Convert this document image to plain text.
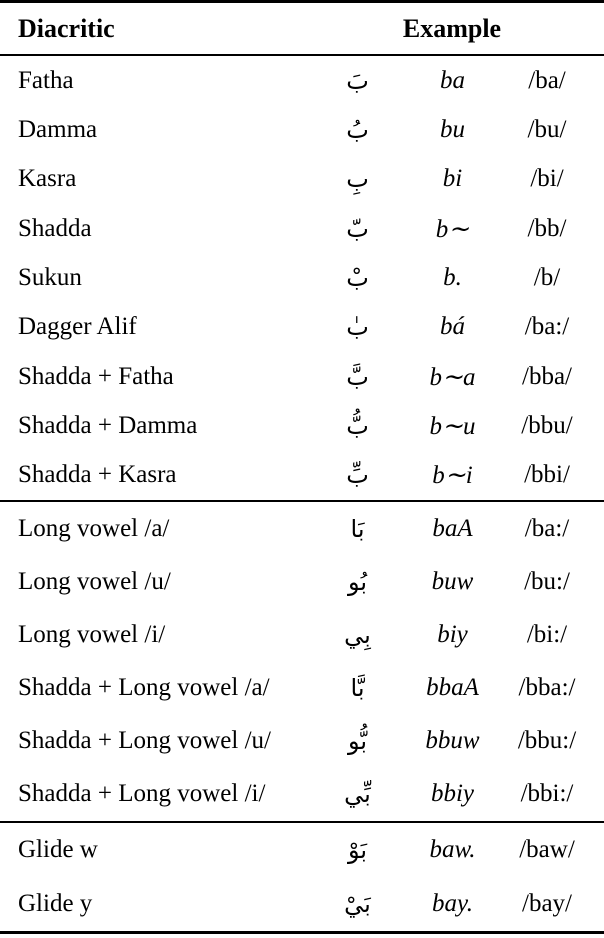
Diacritic	Example
Fatha	بَ	ba	/ba/
Damma	بُ	bu	/bu/
Kasra	بِ	bi	/bi/
Shadda	بّ	b∼	/bb/
Sukun	بْ	b.	/b/
Dagger Alif	بٰ	bá	/ba:/
Shadda + Fatha	بَّ	b∼a	/bba/
Shadda + Damma	بُّ	b∼u	/bbu/
Shadda + Kasra	بِّ	b∼i	/bbi/
Long vowel /a/	بَا	baA	/ba:/
Long vowel /u/	بُو	buw	/bu:/
Long vowel /i/	بِي	biy	/bi:/
Shadda + Long vowel /a/	بَّا	bbaA	/bba:/
Shadda + Long vowel /u/	بُّو	bbuw	/bbu:/
Shadda + Long vowel /i/	بِّي	bbiy	/bbi:/
Glide w	بَوْ	baw.	/baw/
Glide y	بَيْ	bay.	/bay/
